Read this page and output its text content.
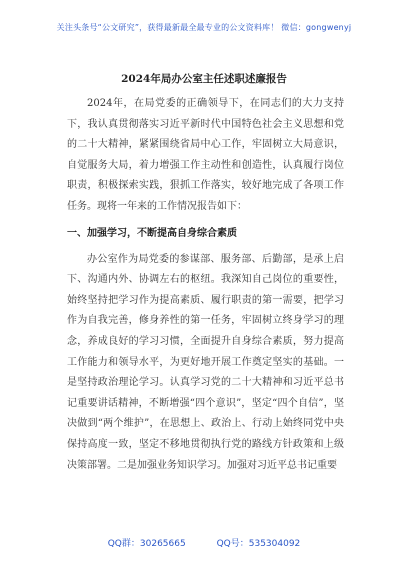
关注头条号“公文研究”，获得最新最全最专业的公文资料库！ 微信：gongwenyj
2024年局办公室主任述职述廉报告

2024年，在局党委的正确领导下，在同志们的大力支持下，我认真贯彻落实习近平新时代中国特色社会主义思想和党的二十大精神，紧紧围绕省局中心工作，牢固树立大局意识，自觉服务大局，着力增强工作主动性和创造性，认真履行岗位职责，积极探索实践，狠抓工作落实，较好地完成了各项工作任务。现将一年来的工作情况报告如下：

一、加强学习，不断提高自身综合素质

办公室作为局党委的参谋部、服务部、后勤部，是承上启下、沟通内外、协调左右的枢纽。我深知自己岗位的重要性，始终坚持把学习作为提高素质、履行职责的第一需要，把学习作为自我完善，修身养性的第一任务，牢固树立终身学习的理念，养成良好的学习习惯，全面提升自身综合素质，努力提高工作能力和领导水平，为更好地开展工作奠定坚实的基础。一是坚持政治理论学习。认真学习党的二十大精神和习近平总书记重要讲话精神，不断增强“四个意识”，坚定“四个自信”，坚决做到“两个维护”，在思想上、政治上、行动上始终同党中央保持高度一致，坚定不移地贯彻执行党的路线方针政策和上级决策部署。二是加强业务知识学习。加强对习近平总书记重要

QQ群：30265665	QQ号：535304092
